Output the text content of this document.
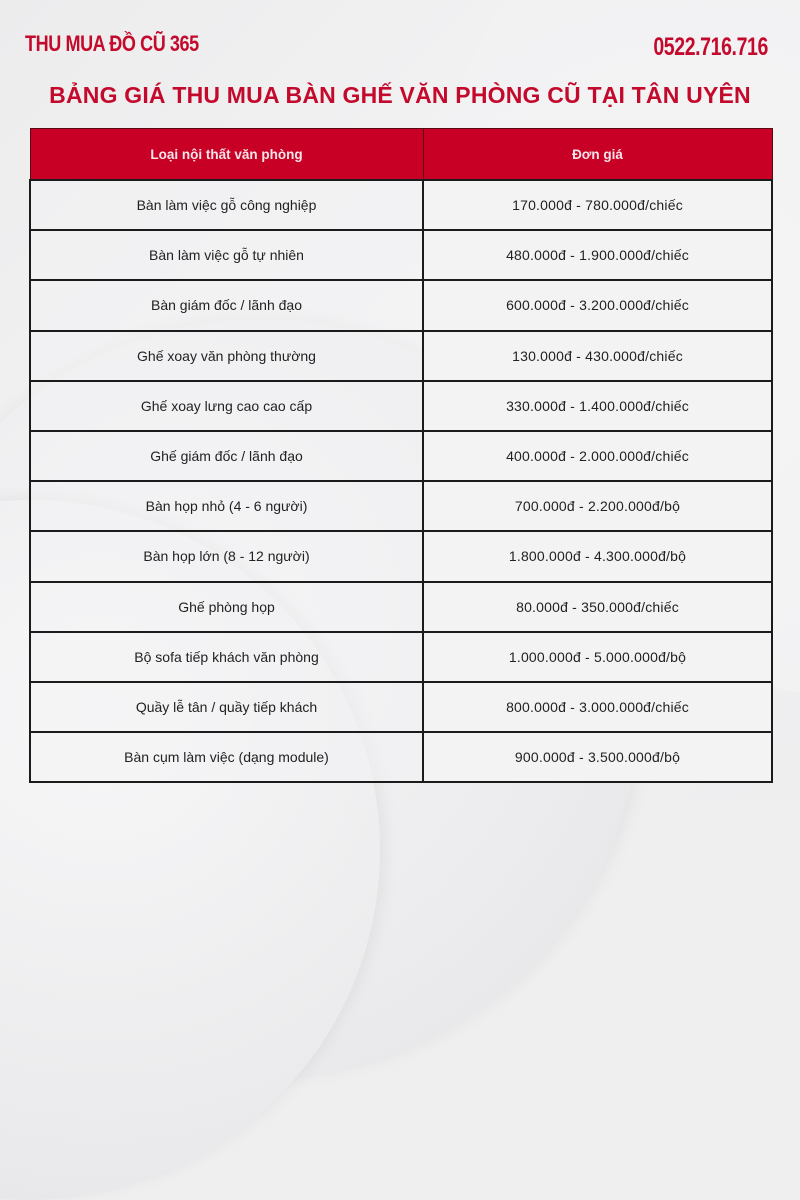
THU MUA ĐỒ CŨ 365	0522.716.716
BẢNG GIÁ THU MUA BÀN GHẾ VĂN PHÒNG CŨ TẠI TÂN UYÊN
Loại nội thất văn phòng	Đơn giá
Bàn làm việc gỗ công nghiệp	170.000đ - 780.000đ/chiếc
Bàn làm việc gỗ tự nhiên	480.000đ - 1.900.000đ/chiếc
Bàn giám đốc / lãnh đạo	600.000đ - 3.200.000đ/chiếc
Ghế xoay văn phòng thường	130.000đ - 430.000đ/chiếc
Ghế xoay lưng cao cao cấp	330.000đ - 1.400.000đ/chiếc
Ghế giám đốc / lãnh đạo	400.000đ - 2.000.000đ/chiếc
Bàn họp nhỏ (4 - 6 người)	700.000đ - 2.200.000đ/bộ
Bàn họp lớn (8 - 12 người)	1.800.000đ - 4.300.000đ/bộ
Ghế phòng họp	80.000đ - 350.000đ/chiếc
Bộ sofa tiếp khách văn phòng	1.000.000đ - 5.000.000đ/bộ
Quầy lễ tân / quầy tiếp khách	800.000đ - 3.000.000đ/chiếc
Bàn cụm làm việc (dạng module)	900.000đ - 3.500.000đ/bộ
